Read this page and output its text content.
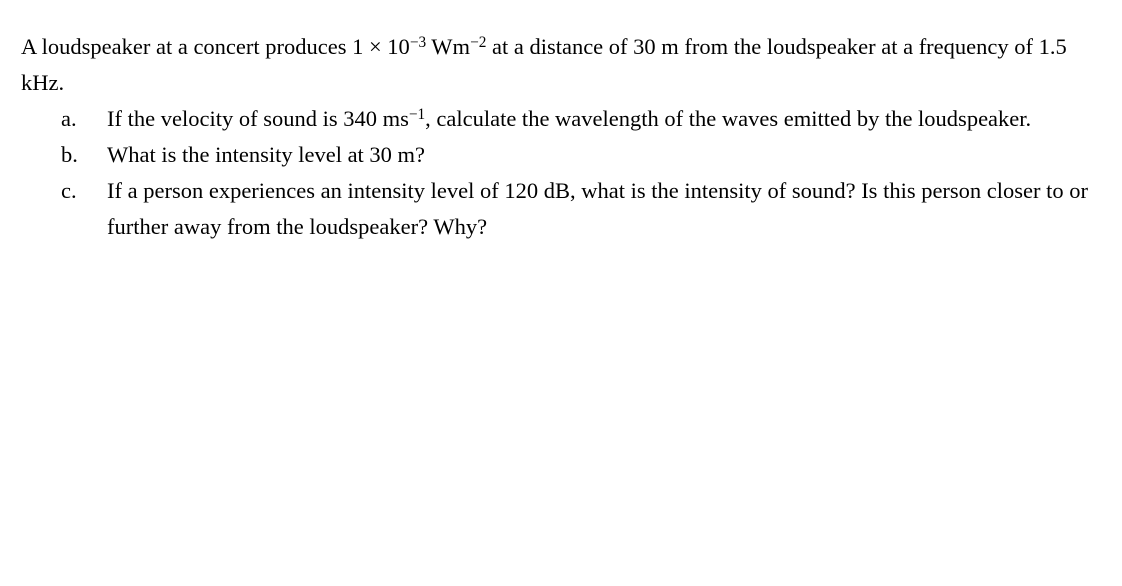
A loudspeaker at a concert produces $1 \times 10^{-3}$ $Wm^{-2}$ at a distance of 30 m from the loudspeaker at a frequency of 1.5 kHz.

a.	If the velocity of sound is 340 $ms^{-1}$, calculate the wavelength of the waves emitted by the loudspeaker.
b.	What is the intensity level at 30 m?
c.	If a person experiences an intensity level of 120 dB, what is the intensity of sound? Is this person closer to or further away from the loudspeaker? Why?
